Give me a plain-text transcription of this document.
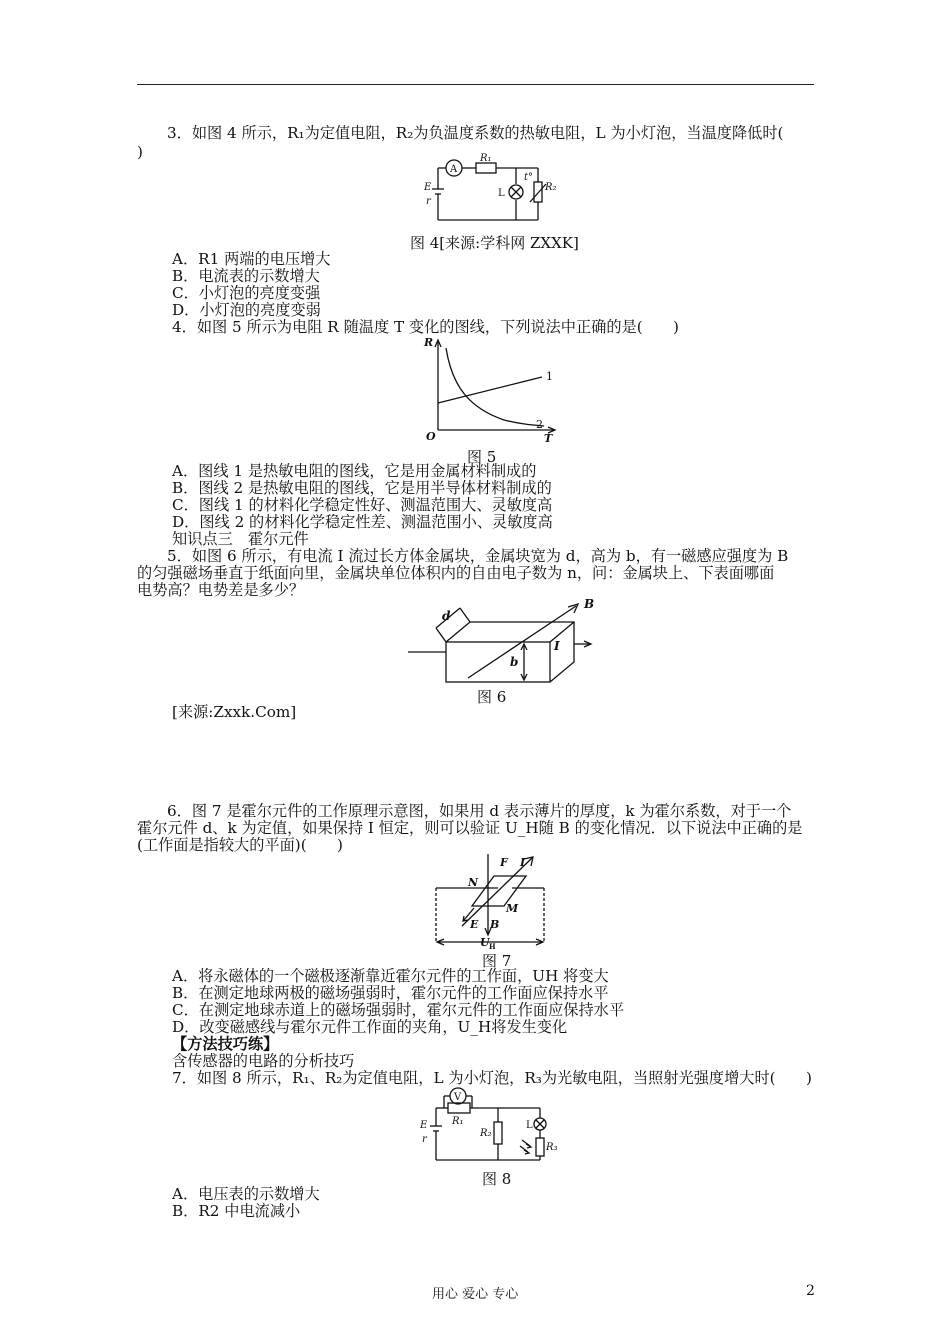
3．如图 4 所示，R₁为定值电阻，R₂为负温度系数的热敏电阻，L 为小灯泡，当温度降低时(
)
A
R₁
E
r
L
t°
R₂
图 4[来源:学科网 ZXXK]
A．R1 两端的电压增大
B．电流表的示数增大
C．小灯泡的亮度变强
D．小灯泡的亮度变弱
4．如图 5 所示为电阻 R 随温度 T 变化的图线，下列说法中正确的是(　　)
R
T
O
1
2
图 5
A．图线 1 是热敏电阻的图线，它是用金属材料制成的
B．图线 2 是热敏电阻的图线，它是用半导体材料制成的
C．图线 1 的材料化学稳定性好、测温范围大、灵敏度高
D．图线 2 的材料化学稳定性差、测温范围小、灵敏度高
知识点三　霍尔元件
5．如图 6 所示，有电流 I 流过长方体金属块，金属块宽为 d，高为 b，有一磁感应强度为 B
的匀强磁场垂直于纸面向里，金属块单位体积内的自由电子数为 n，问：金属块上、下表面哪面
电势高？电势差是多少？
d
b
B
I
图 6
[来源:Zxxk.Com]
6．图 7 是霍尔元件的工作原理示意图，如果用 d 表示薄片的厚度，k 为霍尔系数，对于一个
霍尔元件 d、k 为定值，如果保持 I 恒定，则可以验证 U_H随 B 的变化情况．以下说法中正确的是
(工作面是指较大的平面)(　　)
F I
N
M
E B
U H
图 7
A．将永磁体的一个磁极逐渐靠近霍尔元件的工作面，UH 将变大
B．在测定地球两极的磁场强弱时，霍尔元件的工作面应保持水平
C．在测定地球赤道上的磁场强弱时，霍尔元件的工作面应保持水平
D．改变磁感线与霍尔元件工作面的夹角，U_H将发生变化
【方法技巧练】
含传感器的电路的分析技巧
7．如图 8 所示，R₁、R₂为定值电阻，L 为小灯泡，R₃为光敏电阻，当照射光强度增大时(　　)
V
R₁
R₂
R₃
E
r
L
图 8
A．电压表的示数增大
B．R2 中电流减小
用心 爱心 专心	2
